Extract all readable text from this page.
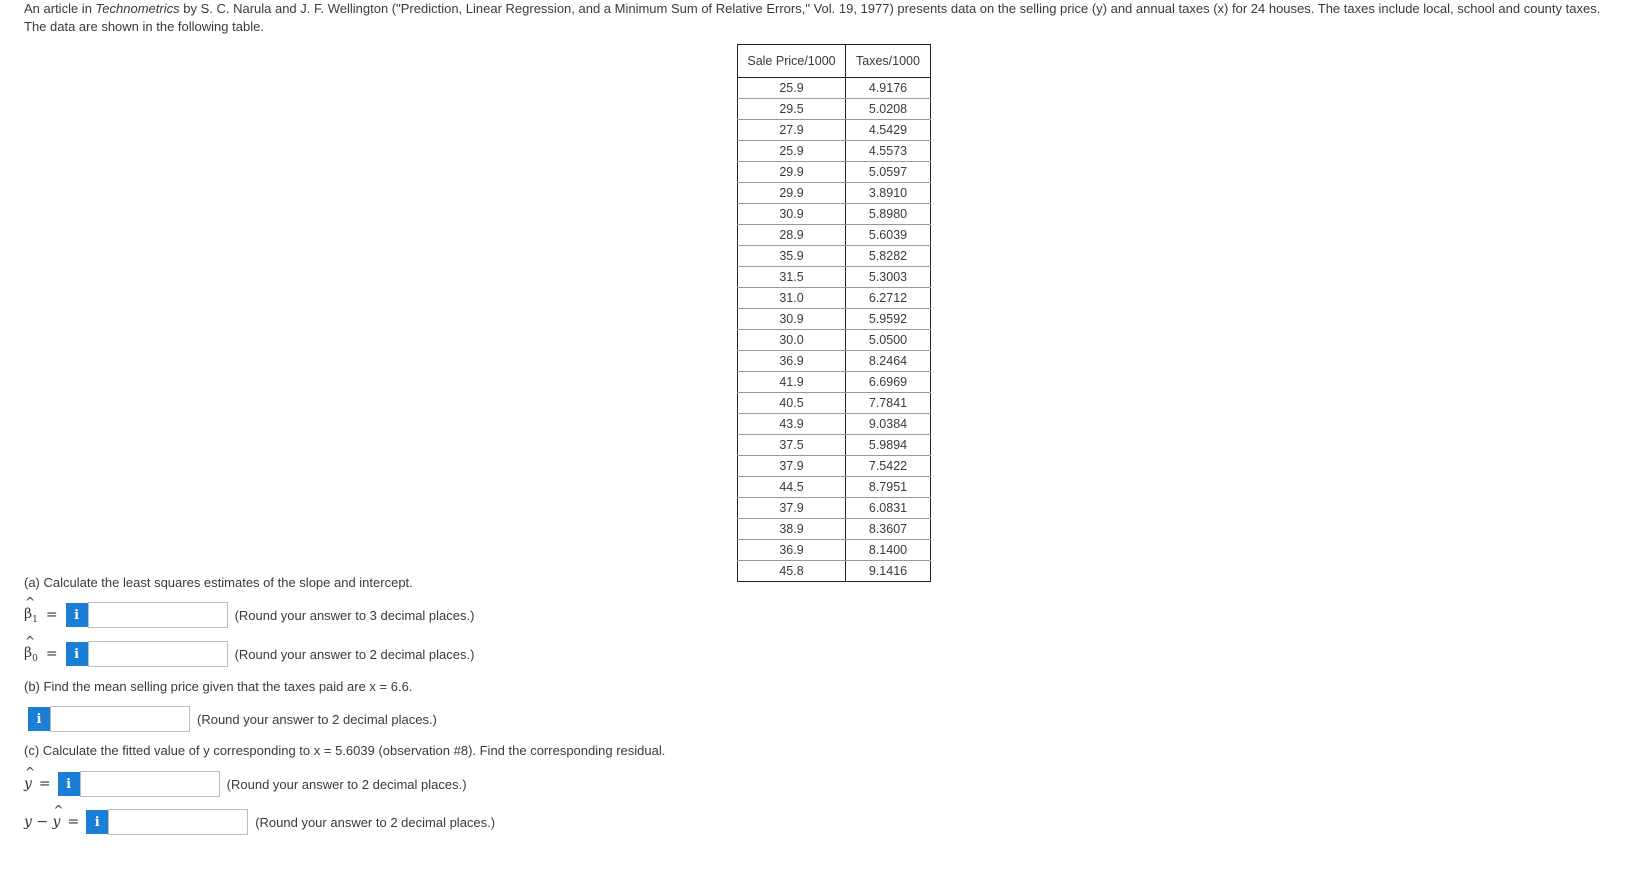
An article in Technometrics by S. C. Narula and J. F. Wellington ("Prediction, Linear Regression, and a Minimum Sum of Relative Errors," Vol. 19, 1977) presents data on the selling price (y) and annual taxes (x) for 24 houses. The taxes include local, school and county taxes. The data are shown in the following table.
Sale Price/1000	Taxes/1000
25.9	4.9176
29.5	5.0208
27.9	4.5429
25.9	4.5573
29.9	5.0597
29.9	3.8910
30.9	5.8980
28.9	5.6039
35.9	5.8282
31.5	5.3003
31.0	6.2712
30.9	5.9592
30.0	5.0500
36.9	8.2464
41.9	6.6969
40.5	7.7841
43.9	9.0384
37.5	5.9894
37.9	7.5422
44.5	8.7951
37.9	6.0831
38.9	8.3607
36.9	8.1400
45.8	9.1416
(a) Calculate the least squares estimates of the slope and intercept.
^ $\beta_1$ =	i	(Round your answer to 3 decimal places.)
^ $\beta_0$ =	i	(Round your answer to 2 decimal places.)
(b) Find the mean selling price given that the taxes paid are x = 6.6.
i	(Round your answer to 2 decimal places.)
(c) Calculate the fitted value of y corresponding to x = 5.6039 (observation #8). Find the corresponding residual.
^ y =	i	(Round your answer to 2 decimal places.)
y − ^ y =	i	(Round your answer to 2 decimal places.)
